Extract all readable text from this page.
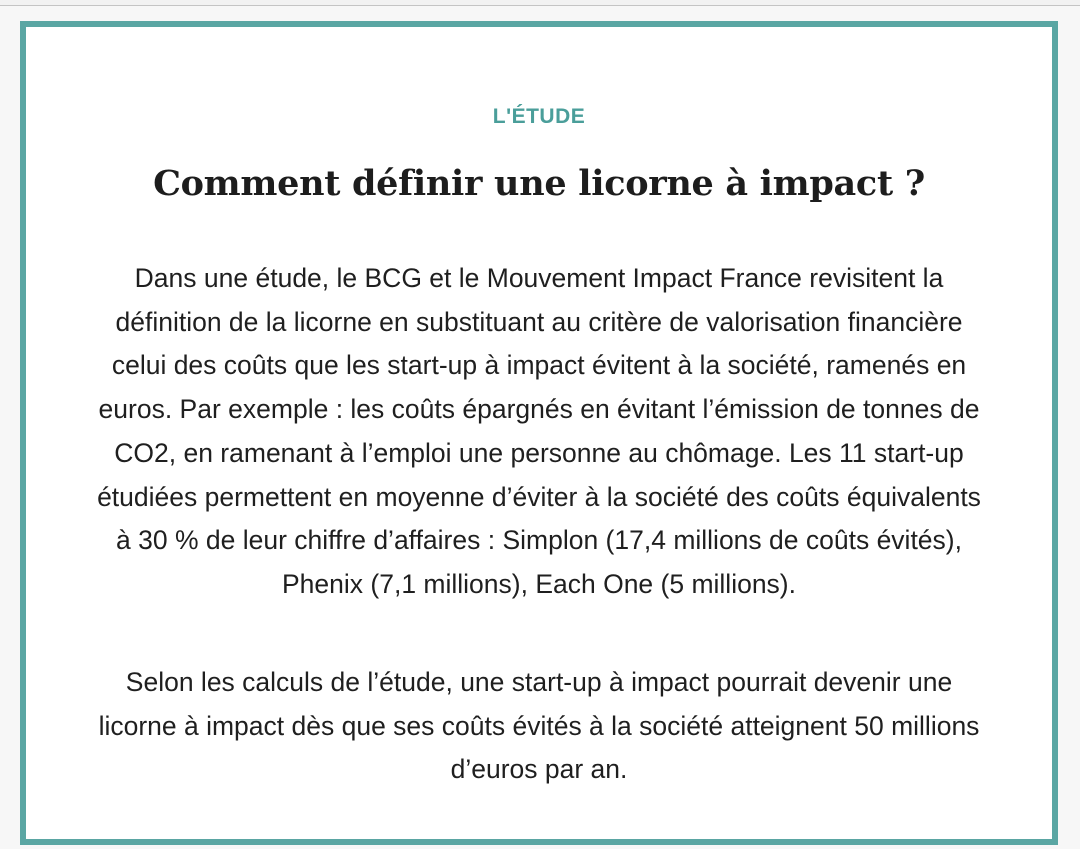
L'ÉTUDE
Comment définir une licorne à impact ?

Dans une étude, le BCG et le Mouvement Impact France revisitent la définition de la licorne en substituant au critère de valorisation financière celui des coûts que les start-up à impact évitent à la société, ramenés en euros. Par exemple : les coûts épargnés en évitant l’émission de tonnes de CO2, en ramenant à l’emploi une personne au chômage. Les 11 start-up étudiées permettent en moyenne d’éviter à la société des coûts équivalents à 30 % de leur chiffre d’affaires : Simplon (17,4 millions de coûts évités), Phenix (7,1 millions), Each One (5 millions).

Selon les calculs de l’étude, une start-up à impact pourrait devenir une licorne à impact dès que ses coûts évités à la société atteignent 50 millions d’euros par an.
